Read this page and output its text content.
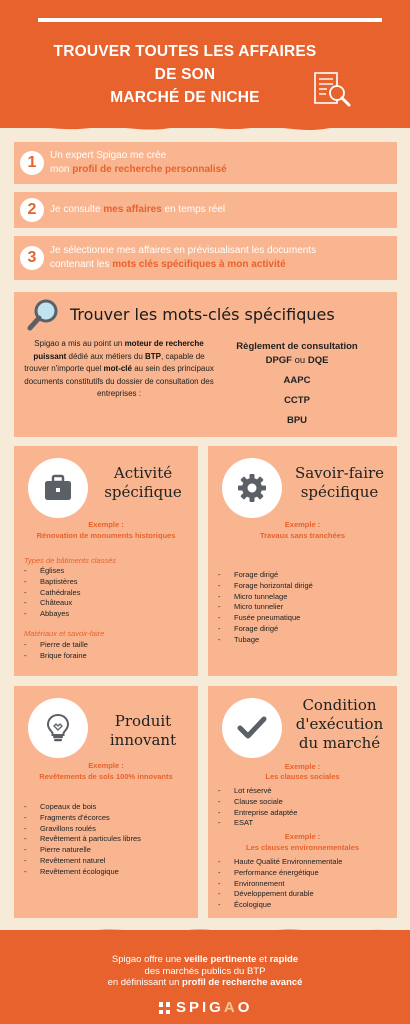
TROUVER TOUTES LES AFFAIRES
DE SON
MARCHÉ DE NICHE
1	Un expert Spigao me crée
mon profil de recherche personnalisé
2	Je consulte mes affaires en temps réel
3	Je sélectionne mes affaires en prévisualisant les documents
contenant les mots clés spécifiques à mon activité
Trouver les mots-clés spécifiques
Spigao a mis au point un moteur de recherche puissant dédié aux métiers du BTP, capable de trouver n'importe quel mot-clé au sein des principaux documents constitutifs du dossier de consultation des entreprises :
Règlement de consultation
DPGF ou DQE
AAPC
CCTP
BPU
Activité
spécifique
Exemple :
Rénovation de monuments historiques
Types de bâtiments classés
- Églises
- Baptistères
- Cathédrales
- Châteaux
- Abbayes
Matériaux et savoir-faire
- Pierre de taille
- Brique foraine
Savoir-faire
spécifique
Exemple :
Travaux sans tranchées
- Forage dirigé
- Forage horizontal dirigé
- Micro tunnelage
- Micro tunnelier
- Fusée pneumatique
- Forage dirigé
- Tubage
Produit
innovant
Exemple :
Revêtements de sols 100% innovants
- Copeaux de bois
- Fragments d'écorces
- Gravillons roulés
- Revêtement à particules libres
- Pierre naturelle
- Revêtement naturel
- Revêtement écologique
Condition
d'exécution
du marché
Exemple :
Les clauses sociales
- Lot réservé
- Clause sociale
- Entreprise adaptée
- ESAT
Exemple :
Les clauses environnementales
- Haute Qualité Environnementale
- Performance énergétique
- Environnement
- Développement durable
- Écologique
Spigao offre une veille pertinente et rapide
des marchés publics du BTP
en définissant un profil de recherche avancé
SPIGAO
